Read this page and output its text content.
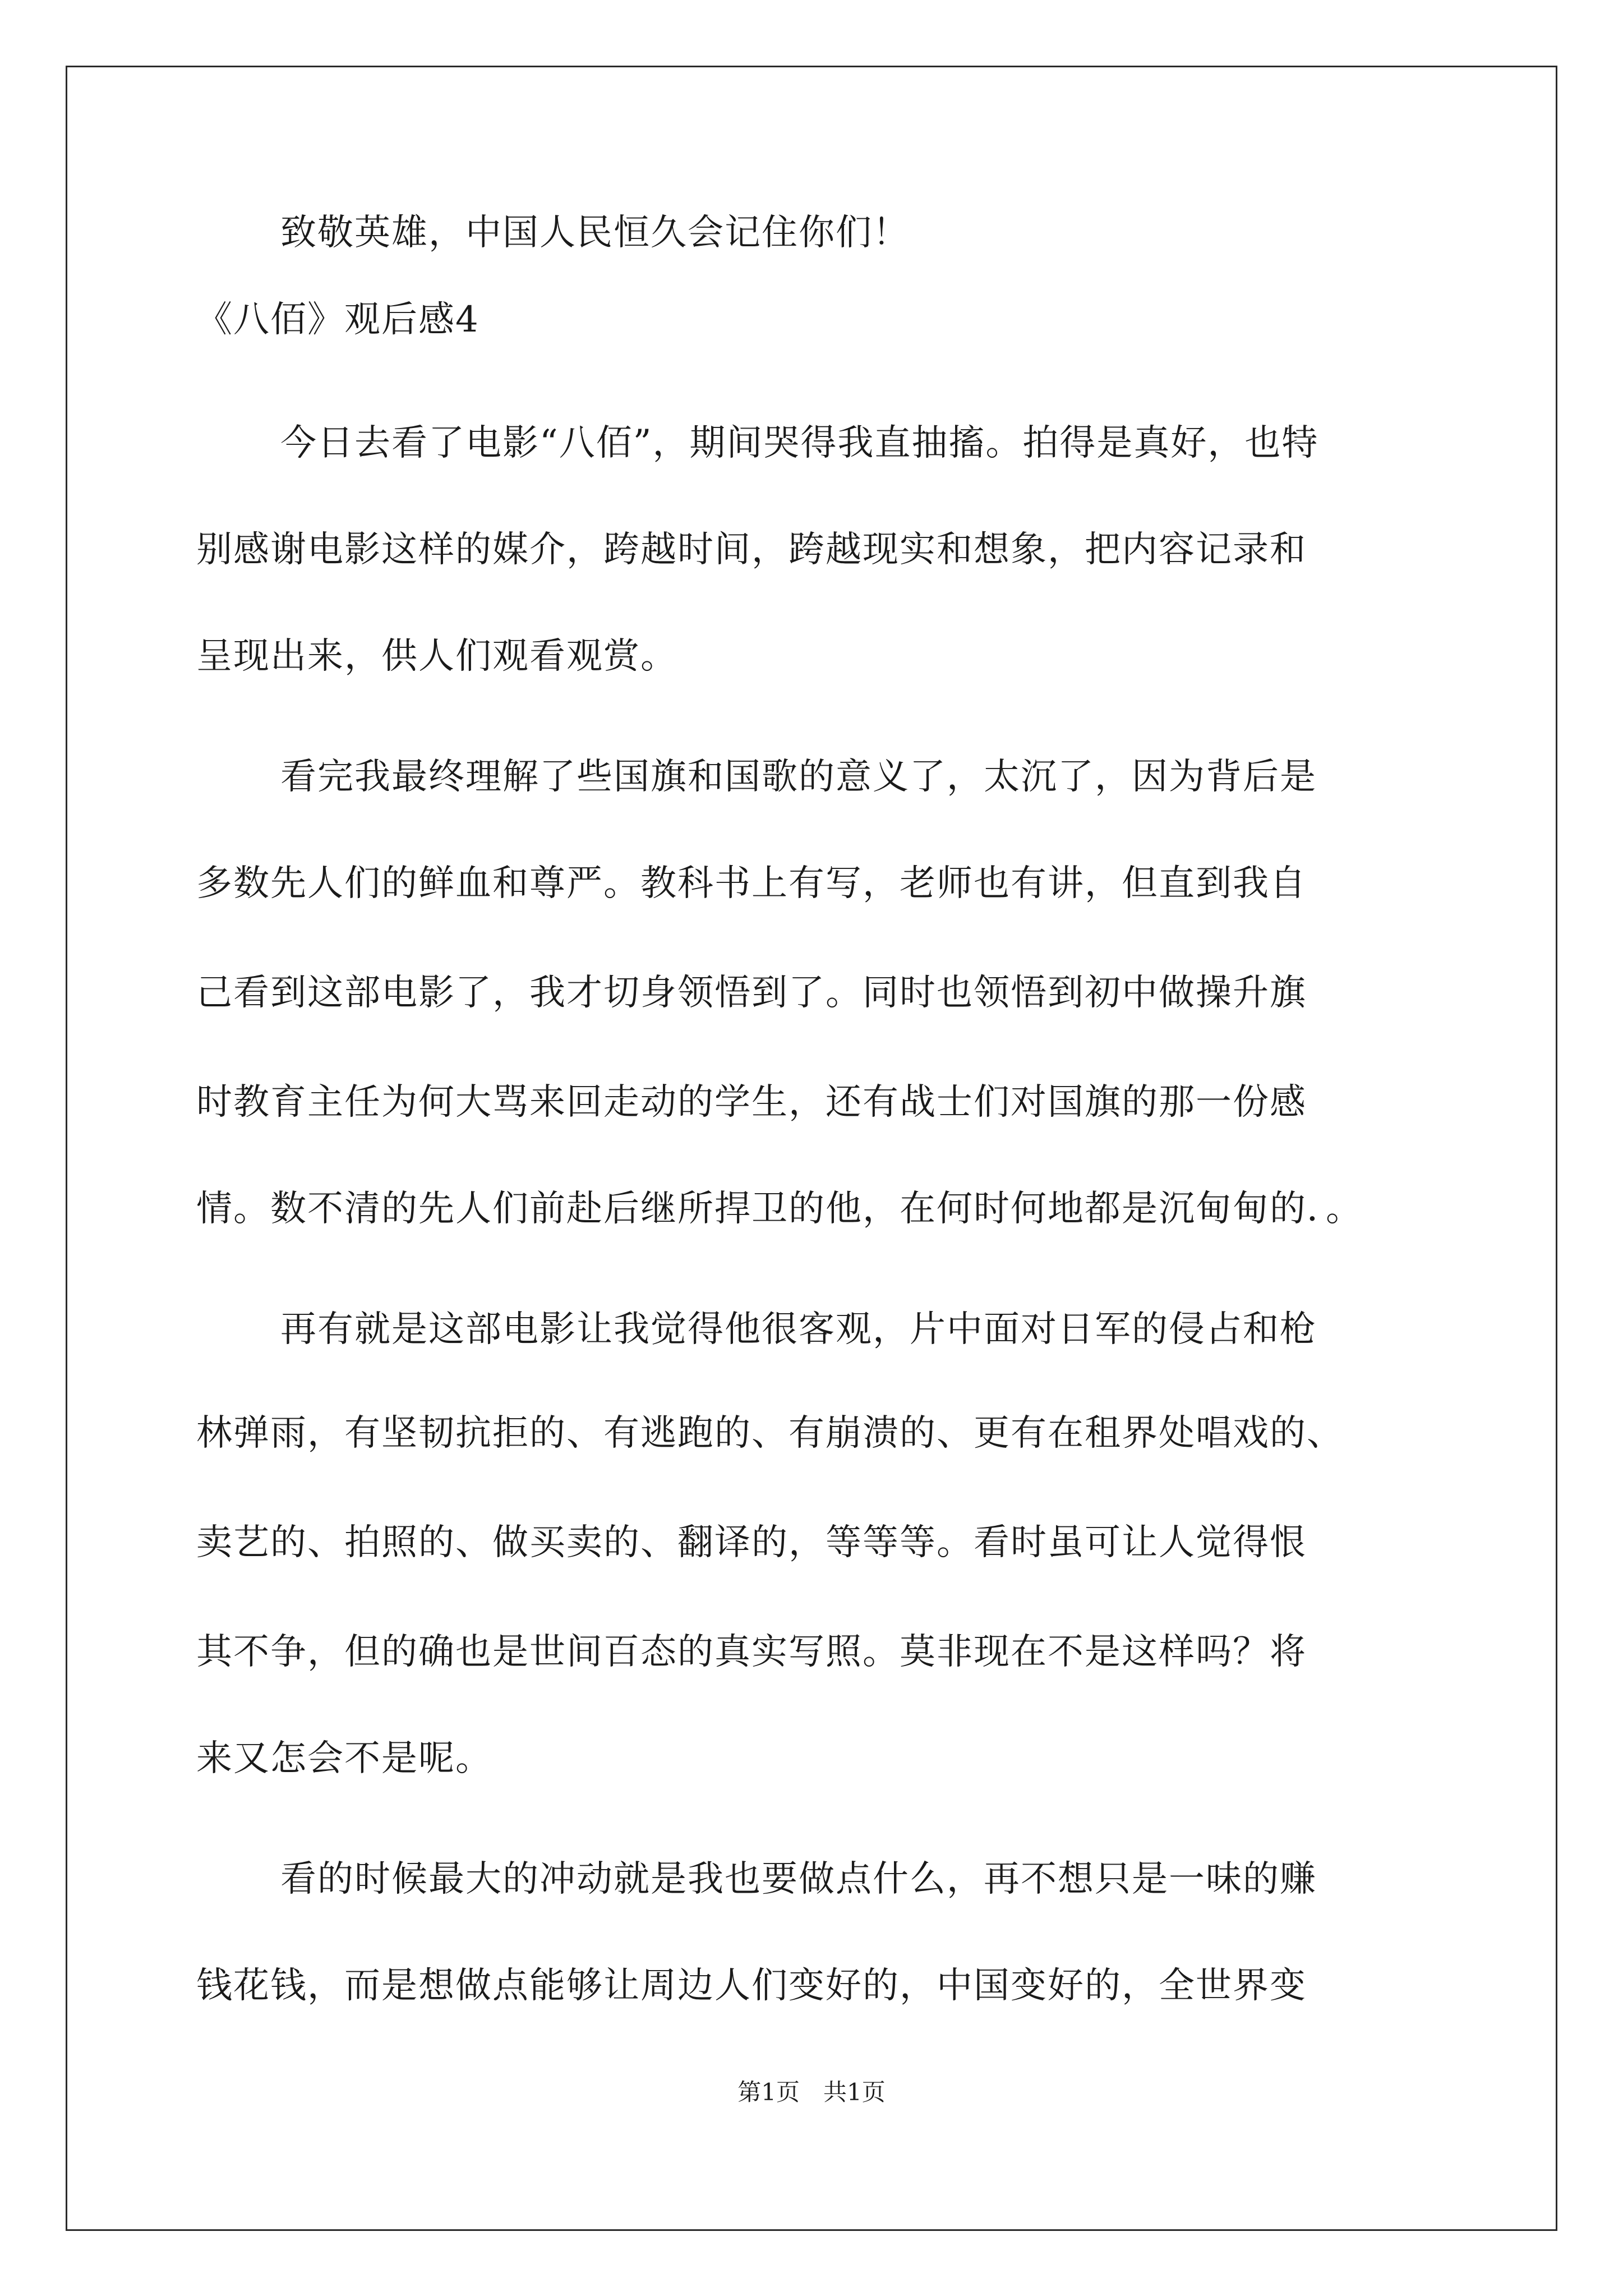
致敬英雄，中国人民恒久会记住你们！
《八佰》观后感4
今日去看了电影“八佰”，期间哭得我直抽搐。拍得是真好，也特
别感谢电影这样的媒介，跨越时间，跨越现实和想象，把内容记录和
呈现出来，供人们观看观赏。
看完我最终理解了些国旗和国歌的意义了，太沉了，因为背后是
多数先人们的鲜血和尊严。教科书上有写，老师也有讲，但直到我自
己看到这部电影了，我才切身领悟到了。同时也领悟到初中做操升旗
时教育主任为何大骂来回走动的学生，还有战士们对国旗的那一份感
情。数不清的先人们前赴后继所捍卫的他，在何时何地都是沉甸甸的．。
再有就是这部电影让我觉得他很客观，片中面对日军的侵占和枪
林弹雨，有坚韧抗拒的、有逃跑的、有崩溃的、更有在租界处唱戏的、
卖艺的、拍照的、做买卖的、翻译的，等等等。看时虽可让人觉得恨
其不争，但的确也是世间百态的真实写照。莫非现在不是这样吗？将
来又怎会不是呢。
看的时候最大的冲动就是我也要做点什么，再不想只是一味的赚
钱花钱，而是想做点能够让周边人们变好的，中国变好的，全世界变
第1页　共1页
